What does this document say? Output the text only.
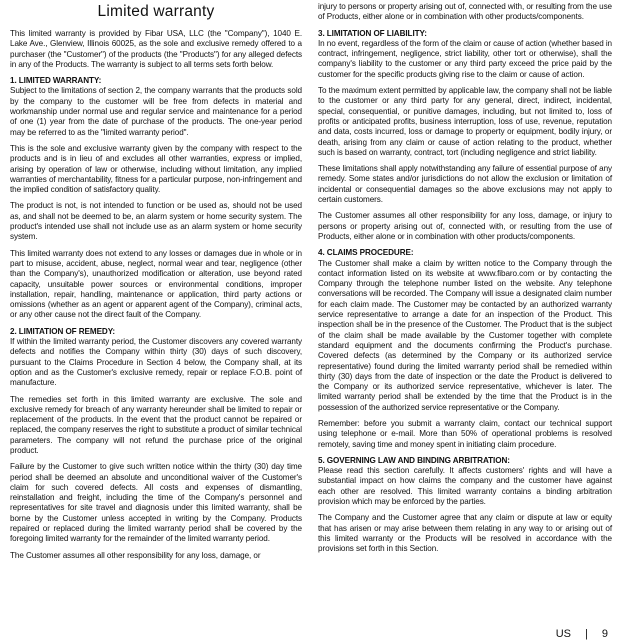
Limited warranty

This limited warranty is provided by Fibar USA, LLC (the "Company"), 1040 E. Lake Ave., Glenview, Illinois 60025, as the sole and exclusive remedy offered to a purchaser (the "Customer") of the products (the "Products") for any alleged defects in any of the Products. The warranty is subject to all terms sets forth below.

1. LIMITED WARRANTY:
Subject to the limitations of section 2, the company warrants that the products sold by the company to the customer will be free from defects in material and workmanship under normal use and regular service and maintenance for a period of one (1) year from the date of purchase of the products. The one-year period may be referred to as the "limited warranty period".

This is the sole and exclusive warranty given by the company with respect to the products and is in lieu of and excludes all other warranties, express or implied, arising by operation of law or otherwise, including without limitation, any implied warranties of merchantability, fitness for a particular purpose, non-infringement and the implied condition of satisfactory quality.

The product is not, is not intended to function or be used as, should not be used as, and shall not be deemed to be, an alarm system or home security system. The product's intended use shall not include use as an alarm system or home security system.

This limited warranty does not extend to any losses or damages due in whole or in part to misuse, accident, abuse, neglect, normal wear and tear, negligence (other than the Company's), unauthorized modification or alteration, use beyond rated capacity, unsuitable power sources or environmental conditions, improper installation, repair, handling, maintenance or application, third party actions or omissions (whether as an agent or apparent agent of the Company), criminal acts, or any other cause not the direct fault of the Company.

2. LIMITATION OF REMEDY:
If within the limited warranty period, the Customer discovers any covered warranty defects and notifies the Company within thirty (30) days of such discovery, pursuant to the Claims Procedure in Section 4 below, the Company shall, at its option and as the Customer's exclusive remedy, repair or replace F.O.B. point of manufacture.

The remedies set forth in this limited warranty are exclusive. The sole and exclusive remedy for breach of any warranty hereunder shall be limited to repair or replacement of the products. In the event that the product cannot be repaired or replaced, the company reserves the right to substitute a product of similar technical parameters. The company will not refund the purchase price of the original product.

Failure by the Customer to give such written notice within the thirty (30) day time period shall be deemed an absolute and unconditional waiver of the Customer's claim for such covered defects. All costs and expenses of dismantling, reinstallation and freight, including the time of the Company's personnel and representatives for site travel and diagnosis under this limited warranty, shall be borne by the Customer unless accepted in writing by the Company. Products repaired or replaced during the limited warranty period shall be covered by the foregoing limited warranty for the remainder of the limited warranty period.

The Customer assumes all other responsibility for any loss, damage, or

injury to persons or property arising out of, connected with, or resulting from the use of Products, either alone or in combination with other products/components.

3. LIMITATION OF LIABILITY:
In no event, regardless of the form of the claim or cause of action (whether based in contract, infringement, negligence, strict liability, other tort or otherwise), shall the company's liability to the customer or any third party exceed the price paid by the customer for the specific products giving rise to the claim or cause of action.

To the maximum extent permitted by applicable law, the company shall not be liable to the customer or any third party for any general, direct, indirect, incidental, special, consequential, or punitive damages, including, but not limited to, loss of profits or anticipated profits, business interruption, loss of use, revenue, reputation and data, costs incurred, loss or damage to property or equipment, bodily injury, or death, arising from any claim or cause of action relating to the product, whether such is based on warranty, contract, tort (including negligence and strict liability.

These limitations shall apply notwithstanding any failure of essential purpose of any remedy. Some states and/or jurisdictions do not allow the exclusion or limitation of incidental or consequential damages so the above exclusions may not apply to certain customers.

The Customer assumes all other responsibility for any loss, damage, or injury to persons or property arising out of, connected with, or resulting from the use of Products, either alone or in combination with other products/components.

4. CLAIMS PROCEDURE:
The Customer shall make a claim by written notice to the Company through the contact information listed on its website at www.fibaro.com or by contacting the Company through the telephone number listed on the website. Any telephone conversations will be recorded. The Company will issue a designated claim number for each claim made. The Customer may be contacted by an authorized warranty service representative to arrange a date for an inspection of the Product. This inspection shall be in the presence of the Customer. The Product that is the subject of the claim shall be made available by the Customer together with complete standard equipment and the documents confirming the Product's purchase. Covered defects (as determined by the Company or its authorized service representative) found during the limited warranty period shall be remedied within thirty (30) days from the date of inspection or the date the Product is delivered to the Company or its authorized service representative, whichever is later. The limited warranty period shall be extended by the time that the Product is in the possession of the authorized service representative or the Company.

Remember: before you submit a warranty claim, contact our technical support using telephone or e-mail. More than 50% of operational problems is resolved remotely, saving time and money spent in initiating claim procedure.

5. GOVERNING LAW AND BINDING ARBITRATION:
Please read this section carefully. It affects customers' rights and will have a substantial impact on how claims the company and the customer have against each other are resolved. This limited warranty contains a binding arbitration provision which may be enforced by the parties.

The Company and the Customer agree that any claim or dispute at law or equity that has arisen or may arise between them relating in any way to or arising out of this limited warranty or the Products will be resolved in accordance with the provisions set forth in this Section.

US | 9
